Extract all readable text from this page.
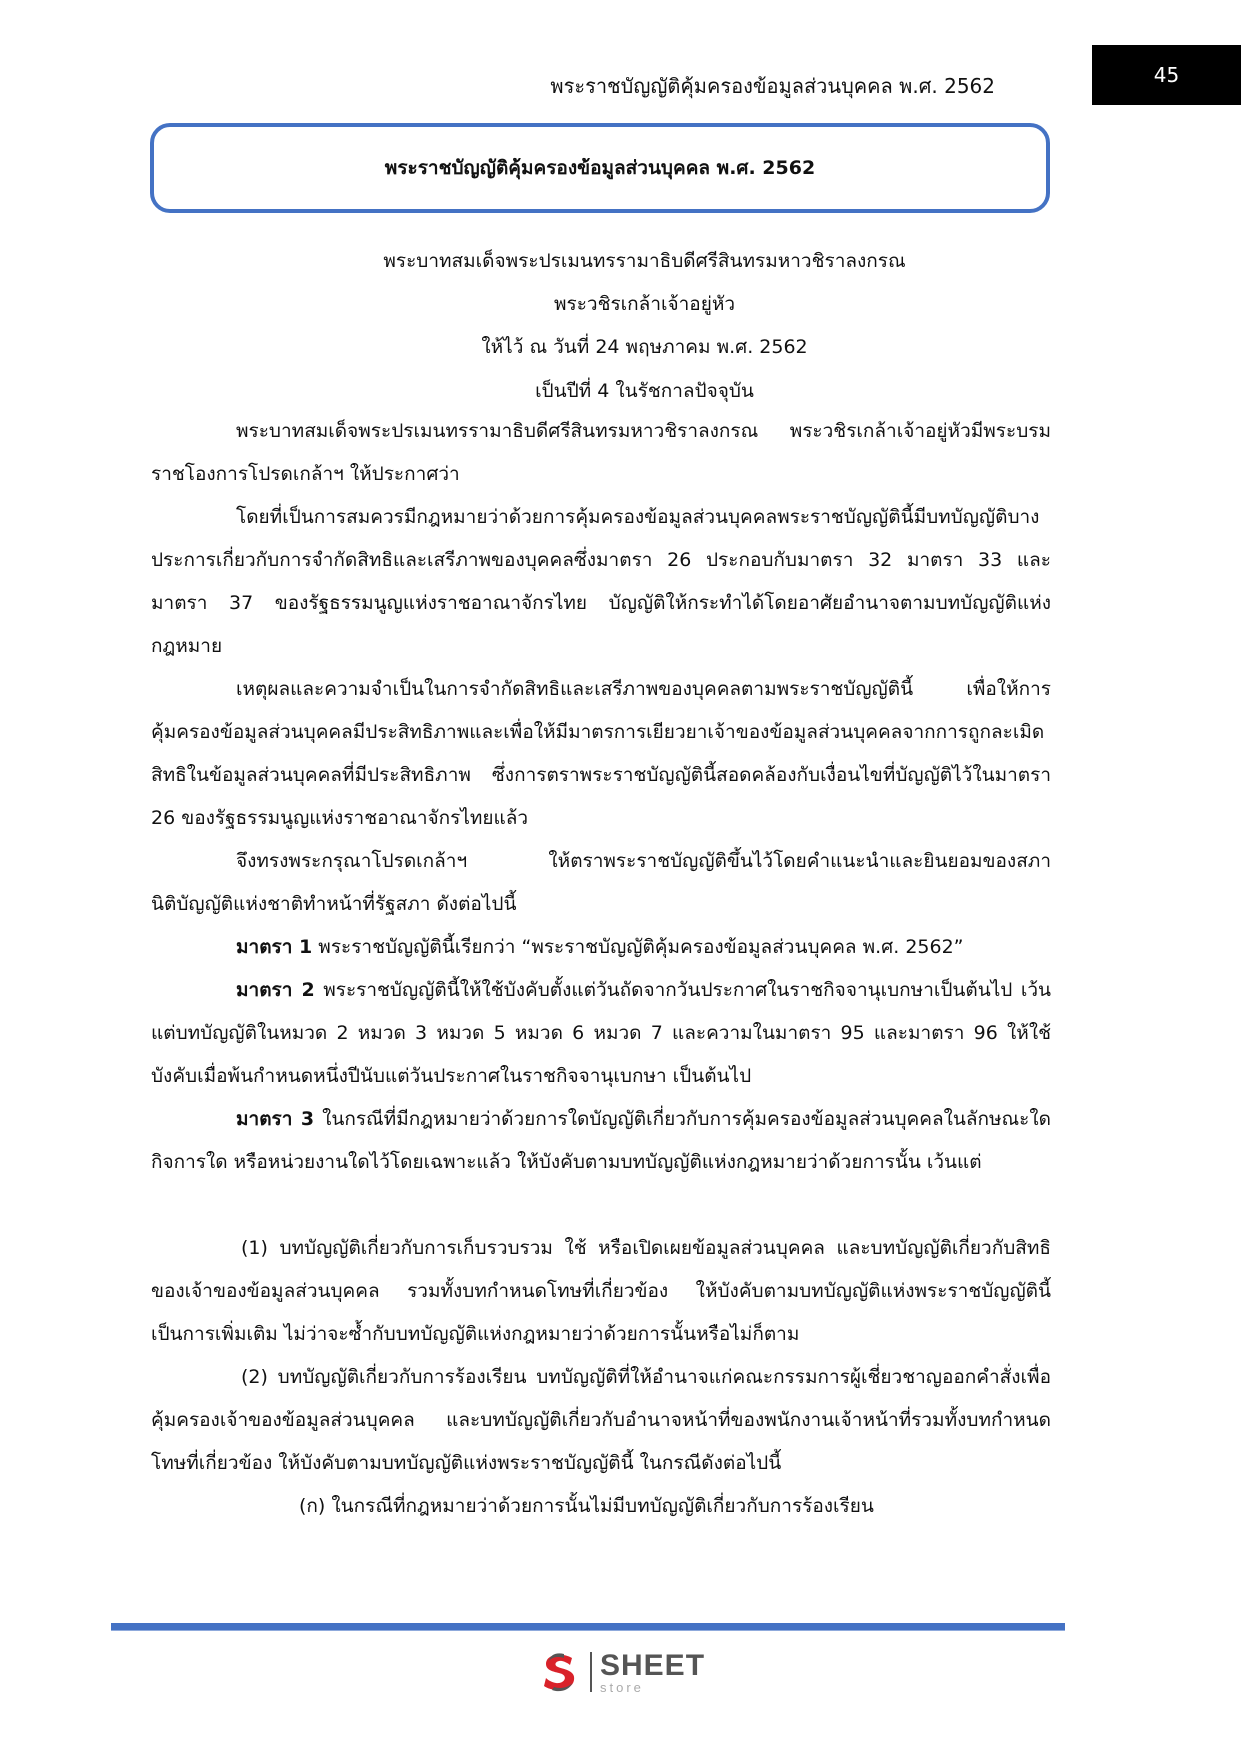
45
พระราชบัญญัติคุ้มครองข้อมูลส่วนบุคคล พ.ศ. 2562
พระราชบัญญัติคุ้มครองข้อมูลส่วนบุคคล พ.ศ. 2562
พระบาทสมเด็จพระปรเมนทรรามาธิบดีศรีสินทรมหาวชิราลงกรณ
พระวชิรเกล้าเจ้าอยู่หัว
ให้ไว้ ณ วันที่ 24 พฤษภาคม พ.ศ. 2562
เป็นปีที่ 4 ในรัชกาลปัจจุบัน

พระบาทสมเด็จพระปรเมนทรรามาธิบดีศรีสินทรมหาวชิราลงกรณ พระวชิรเกล้าเจ้าอยู่หัวมีพระบรมราชโองการโปรดเกล้าฯ ให้ประกาศว่า

โดยที่เป็นการสมควรมีกฎหมายว่าด้วยการคุ้มครองข้อมูลส่วนบุคคลพระราชบัญญัตินี้มีบทบัญญัติบางประการเกี่ยวกับการจำกัดสิทธิและเสรีภาพของบุคคลซึ่งมาตรา 26 ประกอบกับมาตรา 32 มาตรา 33 และมาตรา 37 ของรัฐธรรมนูญแห่งราชอาณาจักรไทย บัญญัติให้กระทำได้โดยอาศัยอำนาจตามบทบัญญัติแห่งกฎหมาย

เหตุผลและความจำเป็นในการจำกัดสิทธิและเสรีภาพของบุคคลตามพระราชบัญญัตินี้ เพื่อให้การคุ้มครองข้อมูลส่วนบุคคลมีประสิทธิภาพและเพื่อให้มีมาตรการเยียวยาเจ้าของข้อมูลส่วนบุคคลจากการถูกละเมิดสิทธิในข้อมูลส่วนบุคคลที่มีประสิทธิภาพ ซึ่งการตราพระราชบัญญัตินี้สอดคล้องกับเงื่อนไขที่บัญญัติไว้ในมาตรา 26 ของรัฐธรรมนูญแห่งราชอาณาจักรไทยแล้ว

จึงทรงพระกรุณาโปรดเกล้าฯ ให้ตราพระราชบัญญัติขึ้นไว้โดยคำแนะนำและยินยอมของสภานิติบัญญัติแห่งชาติทำหน้าที่รัฐสภา ดังต่อไปนี้

มาตรา 1 พระราชบัญญัตินี้เรียกว่า “พระราชบัญญัติคุ้มครองข้อมูลส่วนบุคคล พ.ศ. 2562”

มาตรา 2 พระราชบัญญัตินี้ให้ใช้บังคับตั้งแต่วันถัดจากวันประกาศในราชกิจจานุเบกษาเป็นต้นไป เว้นแต่บทบัญญัติในหมวด 2 หมวด 3 หมวด 5 หมวด 6 หมวด 7 และความในมาตรา 95 และมาตรา 96 ให้ใช้บังคับเมื่อพ้นกำหนดหนึ่งปีนับแต่วันประกาศในราชกิจจานุเบกษา เป็นต้นไป

มาตรา 3 ในกรณีที่มีกฎหมายว่าด้วยการใดบัญญัติเกี่ยวกับการคุ้มครองข้อมูลส่วนบุคคลในลักษณะใด กิจการใด หรือหน่วยงานใดไว้โดยเฉพาะแล้ว ให้บังคับตามบทบัญญัติแห่งกฎหมายว่าด้วยการนั้น เว้นแต่

(1) บทบัญญัติเกี่ยวกับการเก็บรวบรวม ใช้ หรือเปิดเผยข้อมูลส่วนบุคคล และบทบัญญัติเกี่ยวกับสิทธิของเจ้าของข้อมูลส่วนบุคคล รวมทั้งบทกำหนดโทษที่เกี่ยวข้อง ให้บังคับตามบทบัญญัติแห่งพระราชบัญญัตินี้เป็นการเพิ่มเติม ไม่ว่าจะซ้ำกับบทบัญญัติแห่งกฎหมายว่าด้วยการนั้นหรือไม่ก็ตาม

(2) บทบัญญัติเกี่ยวกับการร้องเรียน บทบัญญัติที่ให้อำนาจแก่คณะกรรมการผู้เชี่ยวชาญออกคำสั่งเพื่อคุ้มครองเจ้าของข้อมูลส่วนบุคคล และบทบัญญัติเกี่ยวกับอำนาจหน้าที่ของพนักงานเจ้าหน้าที่รวมทั้งบทกำหนดโทษที่เกี่ยวข้อง ให้บังคับตามบทบัญญัติแห่งพระราชบัญญัตินี้ ในกรณีดังต่อไปนี้

(ก) ในกรณีที่กฎหมายว่าด้วยการนั้นไม่มีบทบัญญัติเกี่ยวกับการร้องเรียน

SHEET
store
